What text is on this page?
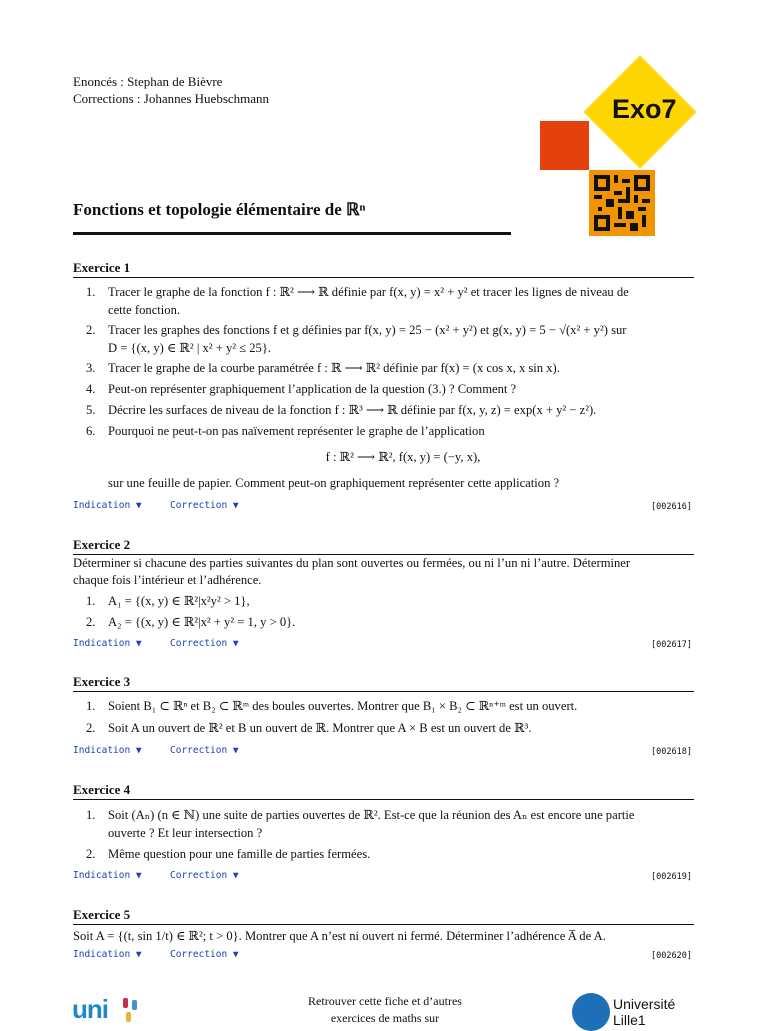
Enoncés : Stephan de Bièvre
Corrections : Johannes Huebschmann	Exo7
Fonctions et topologie élémentaire de ℝⁿ
Exercice 1
1. Tracer le graphe de la fonction f : ℝ² ⟶ ℝ définie par f(x, y) = x² + y² et tracer les lignes de niveau de
cette fonction.
2. Tracer les graphes des fonctions f et g définies par f(x, y) = 25 − (x² + y²) et g(x, y) = 5 − √(x² + y²) sur
D = {(x, y) ∈ ℝ² | x² + y² ≤ 25}.
3. Tracer le graphe de la courbe paramétrée f : ℝ ⟶ ℝ² définie par f(x) = (x cos x, x sin x).
4. Peut-on représenter graphiquement l’application de la question (3.) ? Comment ?
5. Décrire les surfaces de niveau de la fonction f : ℝ³ ⟶ ℝ définie par f(x, y, z) = exp(x + y² − z²).
6. Pourquoi ne peut-t-on pas naïvement représenter le graphe de l’application
f : ℝ² ⟶ ℝ², f(x, y) = (−y, x),
sur une feuille de papier. Comment peut-on graphiquement représenter cette application ?
Indication ▼	Correction ▼	[002616]
Exercice 2
Déterminer si chacune des parties suivantes du plan sont ouvertes ou fermées, ou ni l’un ni l’autre. Déterminer
chaque fois l’intérieur et l’adhérence.
1. A₁ = {(x, y) ∈ ℝ²|x²y² > 1},
2. A₂ = {(x, y) ∈ ℝ²|x² + y² = 1, y > 0}.
Indication ▼	Correction ▼	[002617]
Exercice 3
1. Soient B₁ ⊂ ℝⁿ et B₂ ⊂ ℝᵐ des boules ouvertes. Montrer que B₁ × B₂ ⊂ ℝⁿ⁺ᵐ est un ouvert.
2. Soit A un ouvert de ℝ² et B un ouvert de ℝ. Montrer que A × B est un ouvert de ℝ³.
Indication ▼	Correction ▼	[002618]
Exercice 4
1. Soit (Aₙ) (n ∈ ℕ) une suite de parties ouvertes de ℝ². Est-ce que la réunion des Aₙ est encore une partie
ouverte ? Et leur intersection ?
2. Même question pour une famille de parties fermées.
Indication ▼	Correction ▼	[002619]
Exercice 5
Soit A = {(t, sin 1/t) ∈ ℝ²; t > 0}. Montrer que A n’est ni ouvert ni fermé. Déterminer l’adhérence A̅ de A.
Indication ▼	Correction ▼	[002620]
uni	Retrouver cette fiche et d’autres
exercices de maths sur
Université
Lille1
